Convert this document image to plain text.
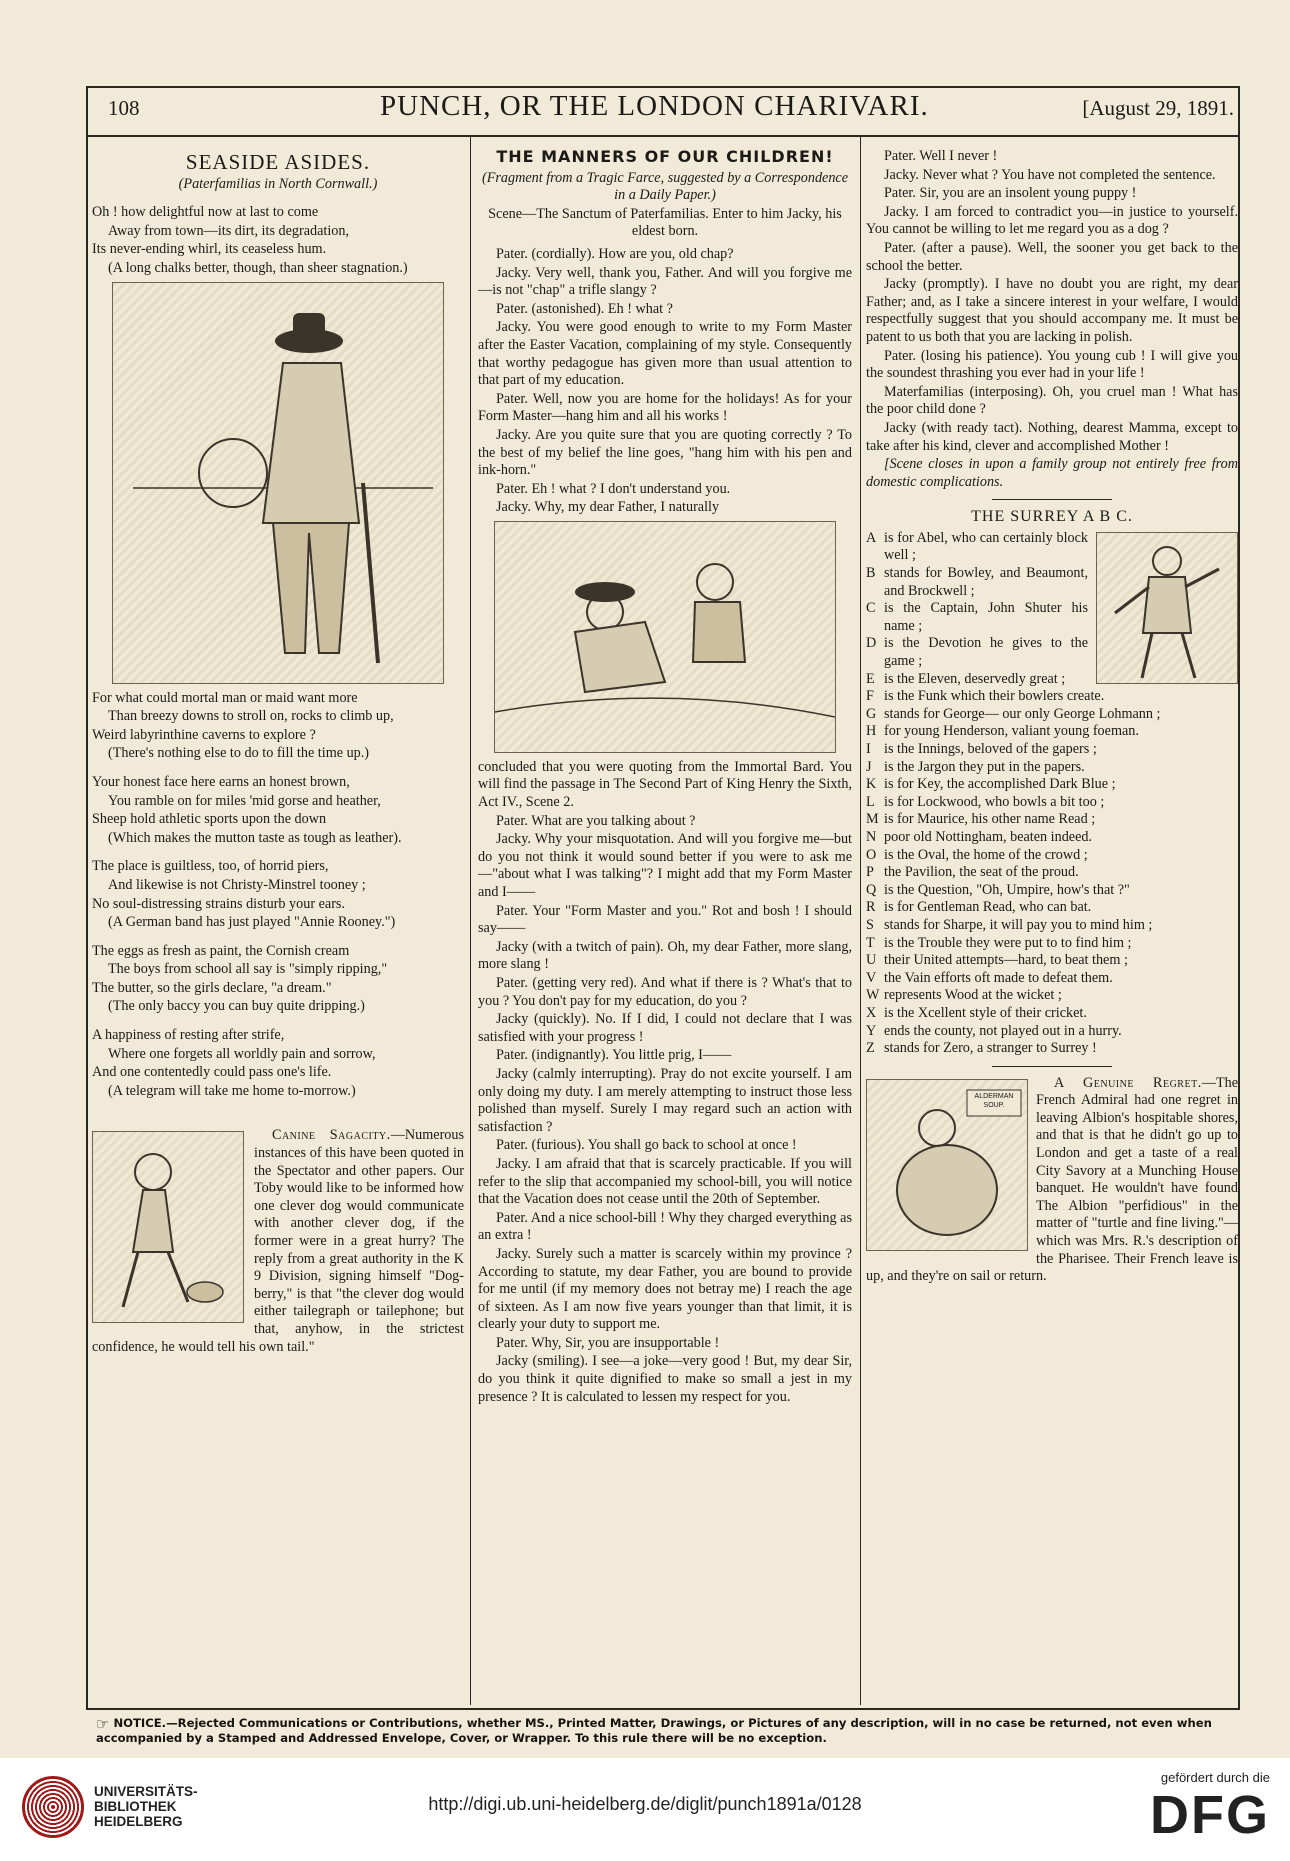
108	PUNCH, OR THE LONDON CHARIVARI.	[August 29, 1891.
SEASIDE ASIDES.

(Paterfamilias in North Cornwall.)

Oh ! how delightful now at last to come

Away from town—its dirt, its degradation,

Its never-ending whirl, its ceaseless hum.

(A long chalks better, though, than sheer stagnation.)

For what could mortal man or maid want more

Than breezy downs to stroll on, rocks to climb up,

Weird labyrinthine caverns to explore ?

(There's nothing else to do to fill the time up.)

Your honest face here earns an honest brown,

You ramble on for miles 'mid gorse and heather,

Sheep hold athletic sports upon the down

(Which makes the mutton taste as tough as leather).

The place is guiltless, too, of horrid piers,

And likewise is not Christy-Minstrel tooney ;

No soul-distressing strains disturb your ears.

(A German band has just played "Annie Rooney.")

The eggs as fresh as paint, the Cornish cream

The boys from school all say is "simply ripping,"

The butter, so the girls declare, "a dream."

(The only baccy you can buy quite dripping.)

A happiness of resting after strife,

Where one forgets all worldly pain and sorrow,

And one contentedly could pass one's life.

(A telegram will take me home to-morrow.)

Canine Sagacity.—Numerous instances of this have been quoted in the Spectator and other papers. Our Toby would like to be informed how one clever dog would communicate with another clever dog, if the former were in a great hurry? The reply from a great authority in the K 9 Division, signing himself "Dog-berry," is that "the clever dog would either tailegraph or tailephone; but that, anyhow, in the strictest confidence, he would tell his own tail."

THE MANNERS OF OUR CHILDREN!

(Fragment from a Tragic Farce, suggested by a Correspondence in a Daily Paper.)

Scene—The Sanctum of Paterfamilias. Enter to him Jacky, his eldest born.

Pater. (cordially). How are you, old chap?

Jacky. Very well, thank you, Father. And will you forgive me—is not "chap" a trifle slangy ?

Pater. (astonished). Eh ! what ?

Jacky. You were good enough to write to my Form Master after the Easter Vacation, complaining of my style. Consequently that worthy pedagogue has given more than usual attention to that part of my education.

Pater. Well, now you are home for the holidays! As for your Form Master—hang him and all his works !

Jacky. Are you quite sure that you are quoting correctly ? To the best of my belief the line goes, "hang him with his pen and ink-horn."

Pater. Eh ! what ? I don't understand you.

Jacky. Why, my dear Father, I naturally

concluded that you were quoting from the Immortal Bard. You will find the passage in The Second Part of King Henry the Sixth, Act IV., Scene 2.

Pater. What are you talking about ?

Jacky. Why your misquotation. And will you forgive me—but do you not think it would sound better if you were to ask me—"about what I was talking"? I might add that my Form Master and I——

Pater. Your "Form Master and you." Rot and bosh ! I should say——

Jacky (with a twitch of pain). Oh, my dear Father, more slang, more slang !

Pater. (getting very red). And what if there is ? What's that to you ? You don't pay for my education, do you ?

Jacky (quickly). No. If I did, I could not declare that I was satisfied with your progress !

Pater. (indignantly). You little prig, I——

Jacky (calmly interrupting). Pray do not excite yourself. I am only doing my duty. I am merely attempting to instruct those less polished than myself. Surely I may regard such an action with satisfaction ?

Pater. (furious). You shall go back to school at once !

Jacky. I am afraid that that is scarcely practicable. If you will refer to the slip that accompanied my school-bill, you will notice that the Vacation does not cease until the 20th of September.

Pater. And a nice school-bill ! Why they charged everything as an extra !

Jacky. Surely such a matter is scarcely within my province ? According to statute, my dear Father, you are bound to provide for me until (if my memory does not betray me) I reach the age of sixteen. As I am now five years younger than that limit, it is clearly your duty to support me.

Pater. Why, Sir, you are insupportable !

Jacky (smiling). I see—a joke—very good ! But, my dear Sir, do you think it quite dignified to make so small a jest in my presence ? It is calculated to lessen my respect for you.

Pater. Well I never !

Jacky. Never what ? You have not completed the sentence.

Pater. Sir, you are an insolent young puppy !

Jacky. I am forced to contradict you—in justice to yourself. You cannot be willing to let me regard you as a dog ?

Pater. (after a pause). Well, the sooner you get back to the school the better.

Jacky (promptly). I have no doubt you are right, my dear Father; and, as I take a sincere interest in your welfare, I would respectfully suggest that you should accompany me. It must be patent to us both that you are lacking in polish.

Pater. (losing his patience). You young cub ! I will give you the soundest thrashing you ever had in your life !

Materfamilias (interposing). Oh, you cruel man ! What has the poor child done ?

Jacky (with ready tact). Nothing, dearest Mamma, except to take after his kind, clever and accomplished Mother !

[Scene closes in upon a family group not entirely free from domestic complications.

THE SURREY A B C.
A is for Abel, who can certainly block well ;
B stands for Bowley, and Beaumont, and Brockwell ;
C is the Captain, John Shuter his name ;
D is the Devotion he gives to the game ;
E is the Eleven, deservedly great ;
F is the Funk which their bowlers create.
G stands for George— our only George Lohmann ;
H for young Henderson, valiant young foeman.
I is the Innings, beloved of the gapers ;
J is the Jargon they put in the papers.
K is for Key, the accomplished Dark Blue ;
L is for Lockwood, who bowls a bit too ;
M is for Maurice, his other name Read ;
N poor old Nottingham, beaten indeed.
O is the Oval, the home of the crowd ;
P the Pavilion, the seat of the proud.
Q is the Question, "Oh, Umpire, how's that ?"
R is for Gentleman Read, who can bat.
S stands for Sharpe, it will pay you to mind him ;
T is the Trouble they were put to to find him ;
U their United attempts—hard, to beat them ;
V the Vain efforts oft made to defeat them.
W represents Wood at the wicket ;
X is the Xcellent style of their cricket.
Y ends the county, not played out in a hurry.
Z stands for Zero, a stranger to Surrey !
ALDERMAN SOUP.

A Genuine Regret.—The French Admiral had one regret in leaving Albion's hospitable shores, and that is that he didn't go up to London and get a taste of a real City Savory at a Munching House banquet. He wouldn't have found The Albion "perfidious" in the matter of "turtle and fine living."—which was Mrs. R.'s description of the Pharisee. Their French leave is up, and they're on sail or return.

☞ NOTICE.—Rejected Communications or Contributions, whether MS., Printed Matter, Drawings, or Pictures of any description, will in no case be returned, not even when accompanied by a Stamped and Addressed Envelope, Cover, or Wrapper. To this rule there will be no exception.
UNIVERSITÄTS- BIBLIOTHEK HEIDELBERG
http://digi.ub.uni-heidelberg.de/diglit/punch1891a/0128
gefördert durch die
DFG
